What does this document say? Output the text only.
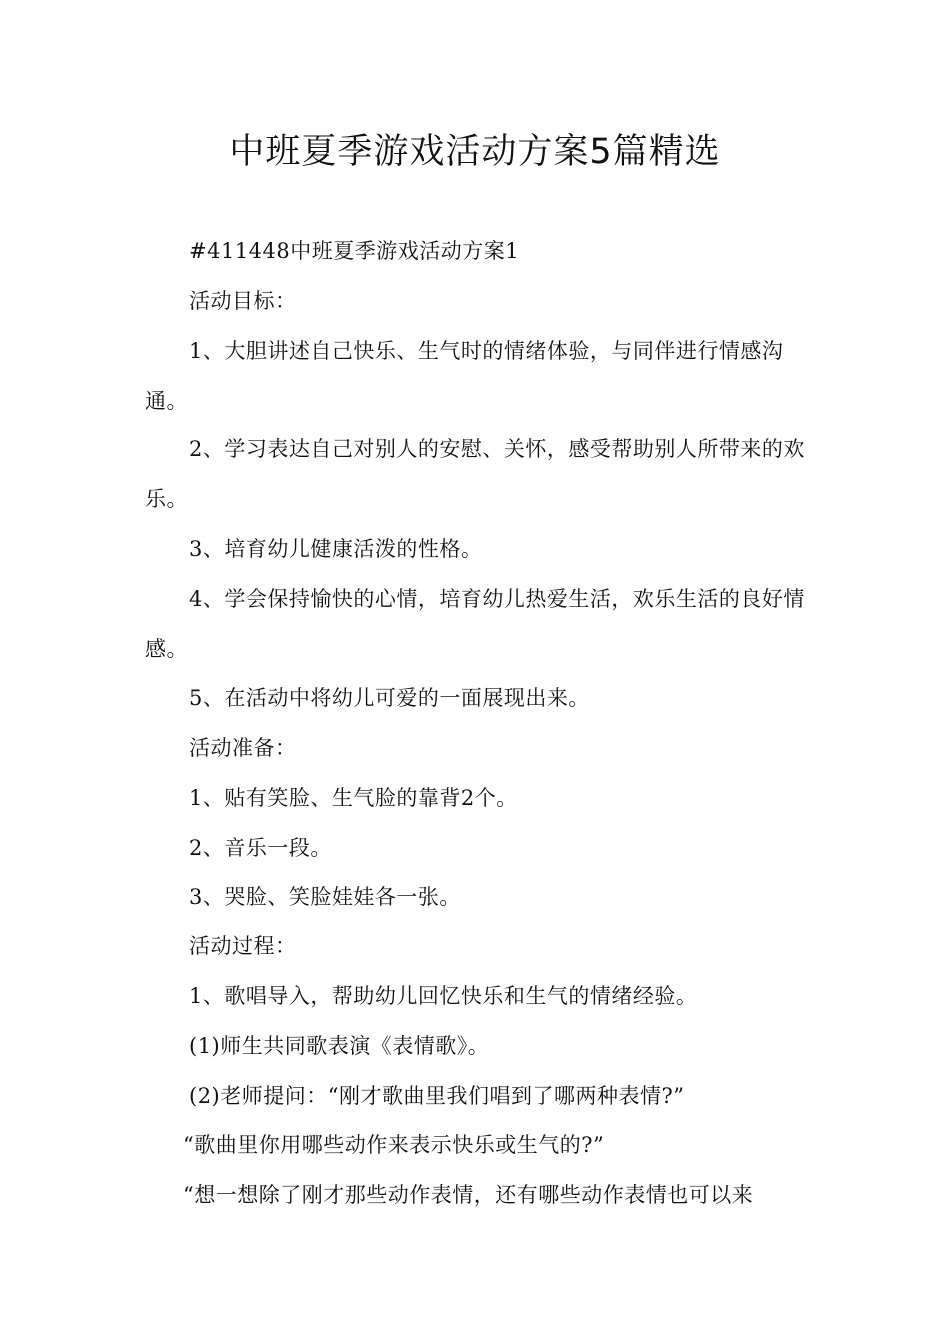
中班夏季游戏活动方案5篇精选

#411448中班夏季游戏活动方案1

活动目标：

1、大胆讲述自己快乐、生气时的情绪体验，与同伴进行情感沟通。

2、学习表达自己对别人的安慰、关怀，感受帮助别人所带来的欢乐。

3、培育幼儿健康活泼的性格。

4、学会保持愉快的心情，培育幼儿热爱生活，欢乐生活的良好情感。

5、在活动中将幼儿可爱的一面展现出来。

活动准备：

1、贴有笑脸、生气脸的靠背2个。

2、音乐一段。

3、哭脸、笑脸娃娃各一张。

活动过程：

1、歌唱导入，帮助幼儿回忆快乐和生气的情绪经验。

(1)师生共同歌表演《表情歌》。

(2)老师提问：“刚才歌曲里我们唱到了哪两种表情?”

“歌曲里你用哪些动作来表示快乐或生气的?”

“想一想除了刚才那些动作表情，还有哪些动作表情也可以来
